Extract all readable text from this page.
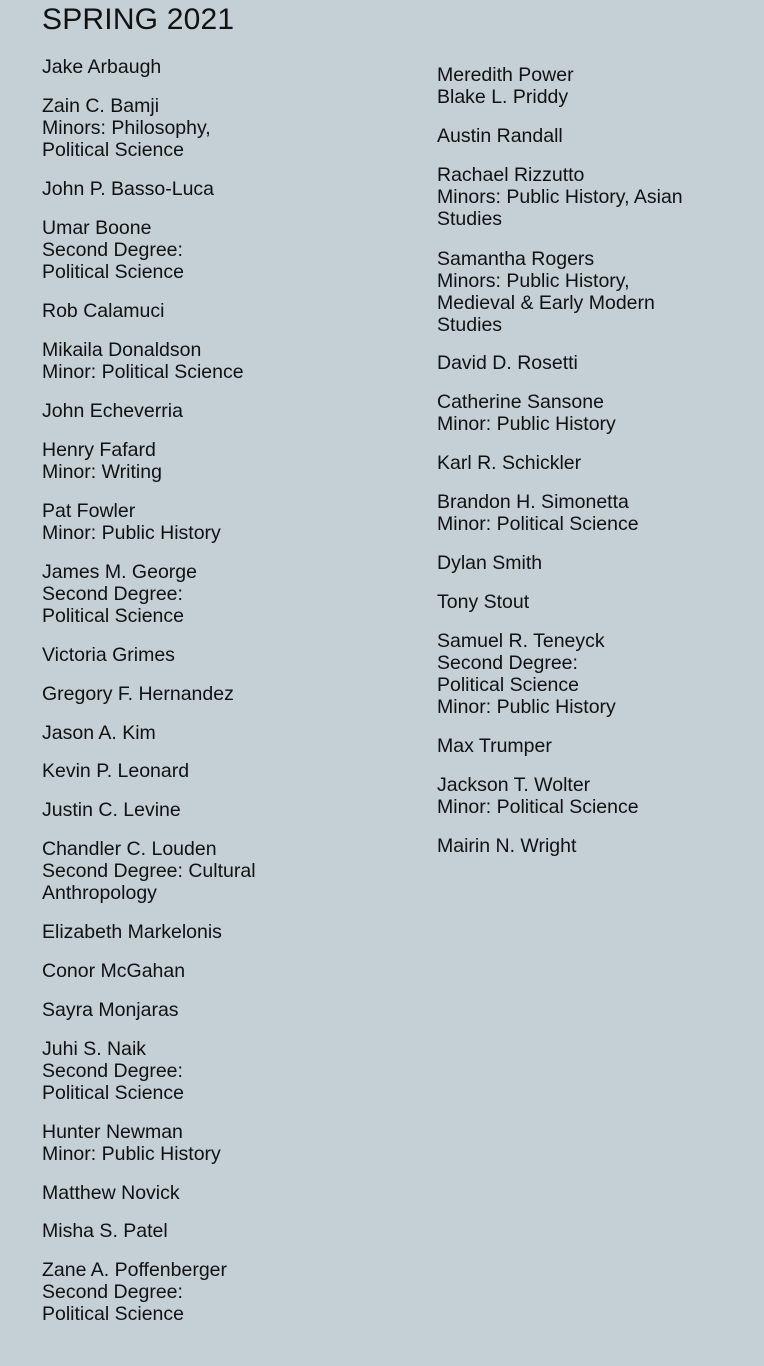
SPRING 2021
Jake Arbaugh
Zain C. Bamji
Minors: Philosophy,
Political Science
John P. Basso-Luca
Umar Boone
Second Degree:
Political Science
Rob Calamuci
Mikaila Donaldson
Minor: Political Science
John Echeverria
Henry Fafard
Minor: Writing
Pat Fowler
Minor: Public History
James M. George
Second Degree:
Political Science
Victoria Grimes
Gregory F. Hernandez
Jason A. Kim
Kevin P. Leonard
Justin C. Levine
Chandler C. Louden
Second Degree: Cultural
Anthropology
Elizabeth Markelonis
Conor McGahan
Sayra Monjaras
Juhi S. Naik
Second Degree:
Political Science
Hunter Newman
Minor: Public History
Matthew Novick
Misha S. Patel
Zane A. Poffenberger
Second Degree:
Political Science
Meredith Power
Blake L. Priddy
Austin Randall
Rachael Rizzutto
Minors: Public History, Asian
Studies
Samantha Rogers
Minors: Public History,
Medieval & Early Modern
Studies
David D. Rosetti
Catherine Sansone
Minor: Public History
Karl R. Schickler
Brandon H. Simonetta
Minor: Political Science
Dylan Smith
Tony Stout
Samuel R. Teneyck
Second Degree:
Political Science
Minor: Public History
Max Trumper
Jackson T. Wolter
Minor: Political Science
Mairin N. Wright
